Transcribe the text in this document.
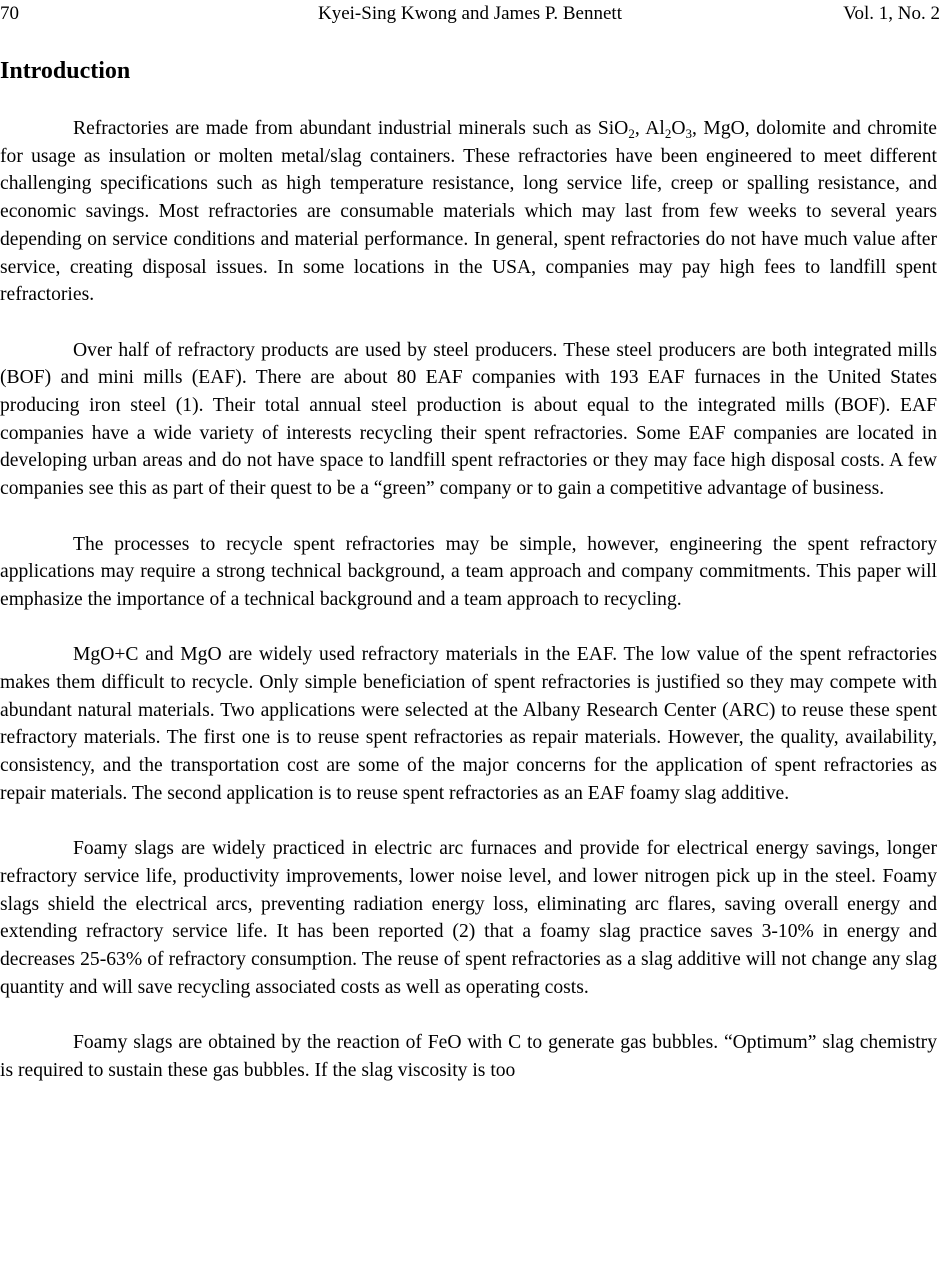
Kyei-Sing Kwong and James P. Bennett
70	Vol. 1, No. 2
Introduction

Refractories are made from abundant industrial minerals such as SiO$_2$, $Al_2O_3$, MgO, dolomite and chromite for usage as insulation or molten metal/slag containers. These refractories have been engineered to meet different challenging specifications such as high temperature resistance, long service life, creep or spalling resistance, and economic savings. Most refractories are consumable materials which may last from few weeks to several years depending on service conditions and material performance. In general, spent refractories do not have much value after service, creating disposal issues. In some locations in the USA, companies may pay high fees to landfill spent refractories.

Over half of refractory products are used by steel producers. These steel producers are both integrated mills (BOF) and mini mills (EAF). There are about 80 EAF companies with 193 EAF furnaces in the United States producing iron steel (1). Their total annual steel production is about equal to the integrated mills (BOF). EAF companies have a wide variety of interests recycling their spent refractories. Some EAF companies are located in developing urban areas and do not have space to landfill spent refractories or they may face high disposal costs. A few companies see this as part of their quest to be a “green” company or to gain a competitive advantage of business.

The processes to recycle spent refractories may be simple, however, engineering the spent refractory applications may require a strong technical background, a team approach and company commitments. This paper will emphasize the importance of a technical background and a team approach to recycling.

MgO+C and MgO are widely used refractory materials in the EAF. The low value of the spent refractories makes them difficult to recycle. Only simple beneficiation of spent refractories is justified so they may compete with abundant natural materials. Two applications were selected at the Albany Research Center (ARC) to reuse these spent refractory materials. The first one is to reuse spent refractories as repair materials. However, the quality, availability, consistency, and the transportation cost are some of the major concerns for the application of spent refractories as repair materials. The second application is to reuse spent refractories as an EAF foamy slag additive.

Foamy slags are widely practiced in electric arc furnaces and provide for electrical energy savings, longer refractory service life, productivity improvements, lower noise level, and lower nitrogen pick up in the steel. Foamy slags shield the electrical arcs, preventing radiation energy loss, eliminating arc flares, saving overall energy and extending refractory service life. It has been reported (2) that a foamy slag practice saves 3-10% in energy and decreases 25-63% of refractory consumption. The reuse of spent refractories as a slag additive will not change any slag quantity and will save recycling associated costs as well as operating costs.

Foamy slags are obtained by the reaction of FeO with C to generate gas bubbles. “Optimum” slag chemistry is required to sustain these gas bubbles. If the slag viscosity is too
